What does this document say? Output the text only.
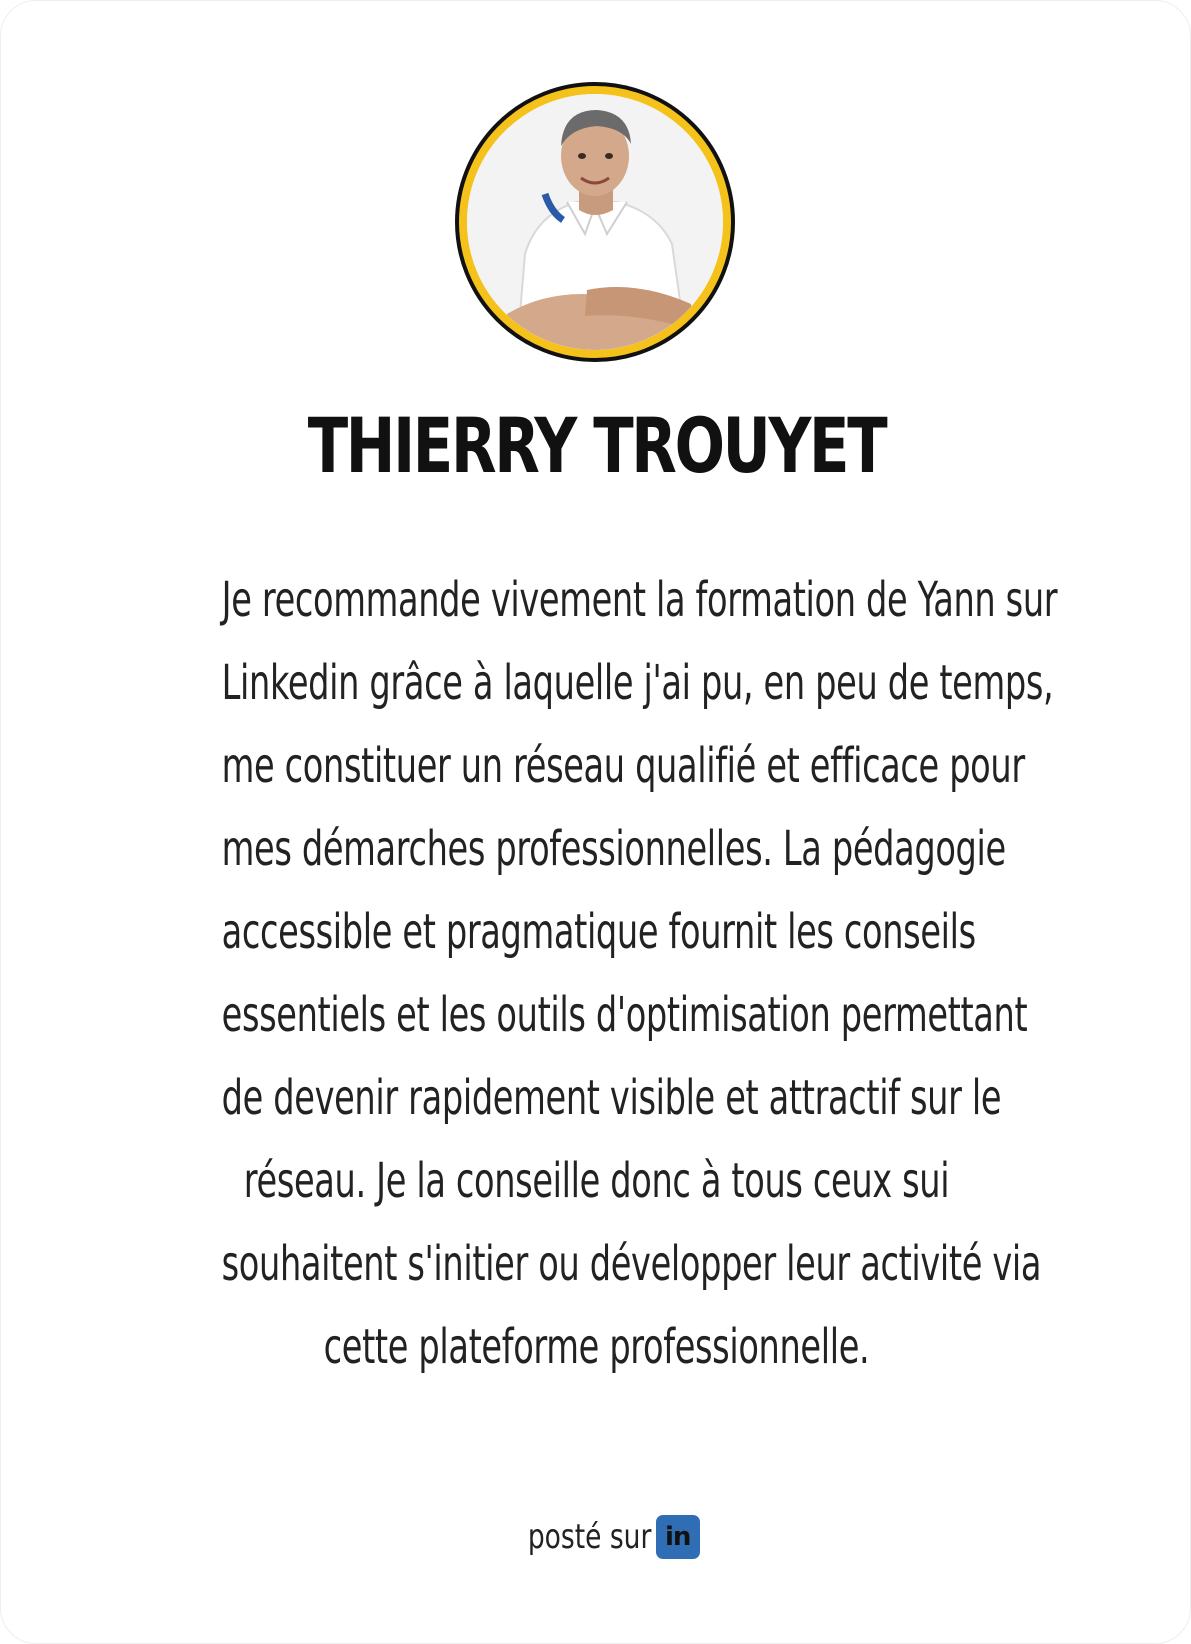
THIERRY TROUYET
Je recommande vivement la formation de Yann sur
Linkedin grâce à laquelle j'ai pu, en peu de temps,
me constituer un réseau qualifié et efficace pour
mes démarches professionnelles. La pédagogie
accessible et pragmatique fournit les conseils
essentiels et les outils d'optimisation permettant
de devenir rapidement visible et attractif sur le
réseau. Je la conseille donc à tous ceux sui
souhaitent s'initier ou développer leur activité via
cette plateforme professionnelle.
posté sur in
